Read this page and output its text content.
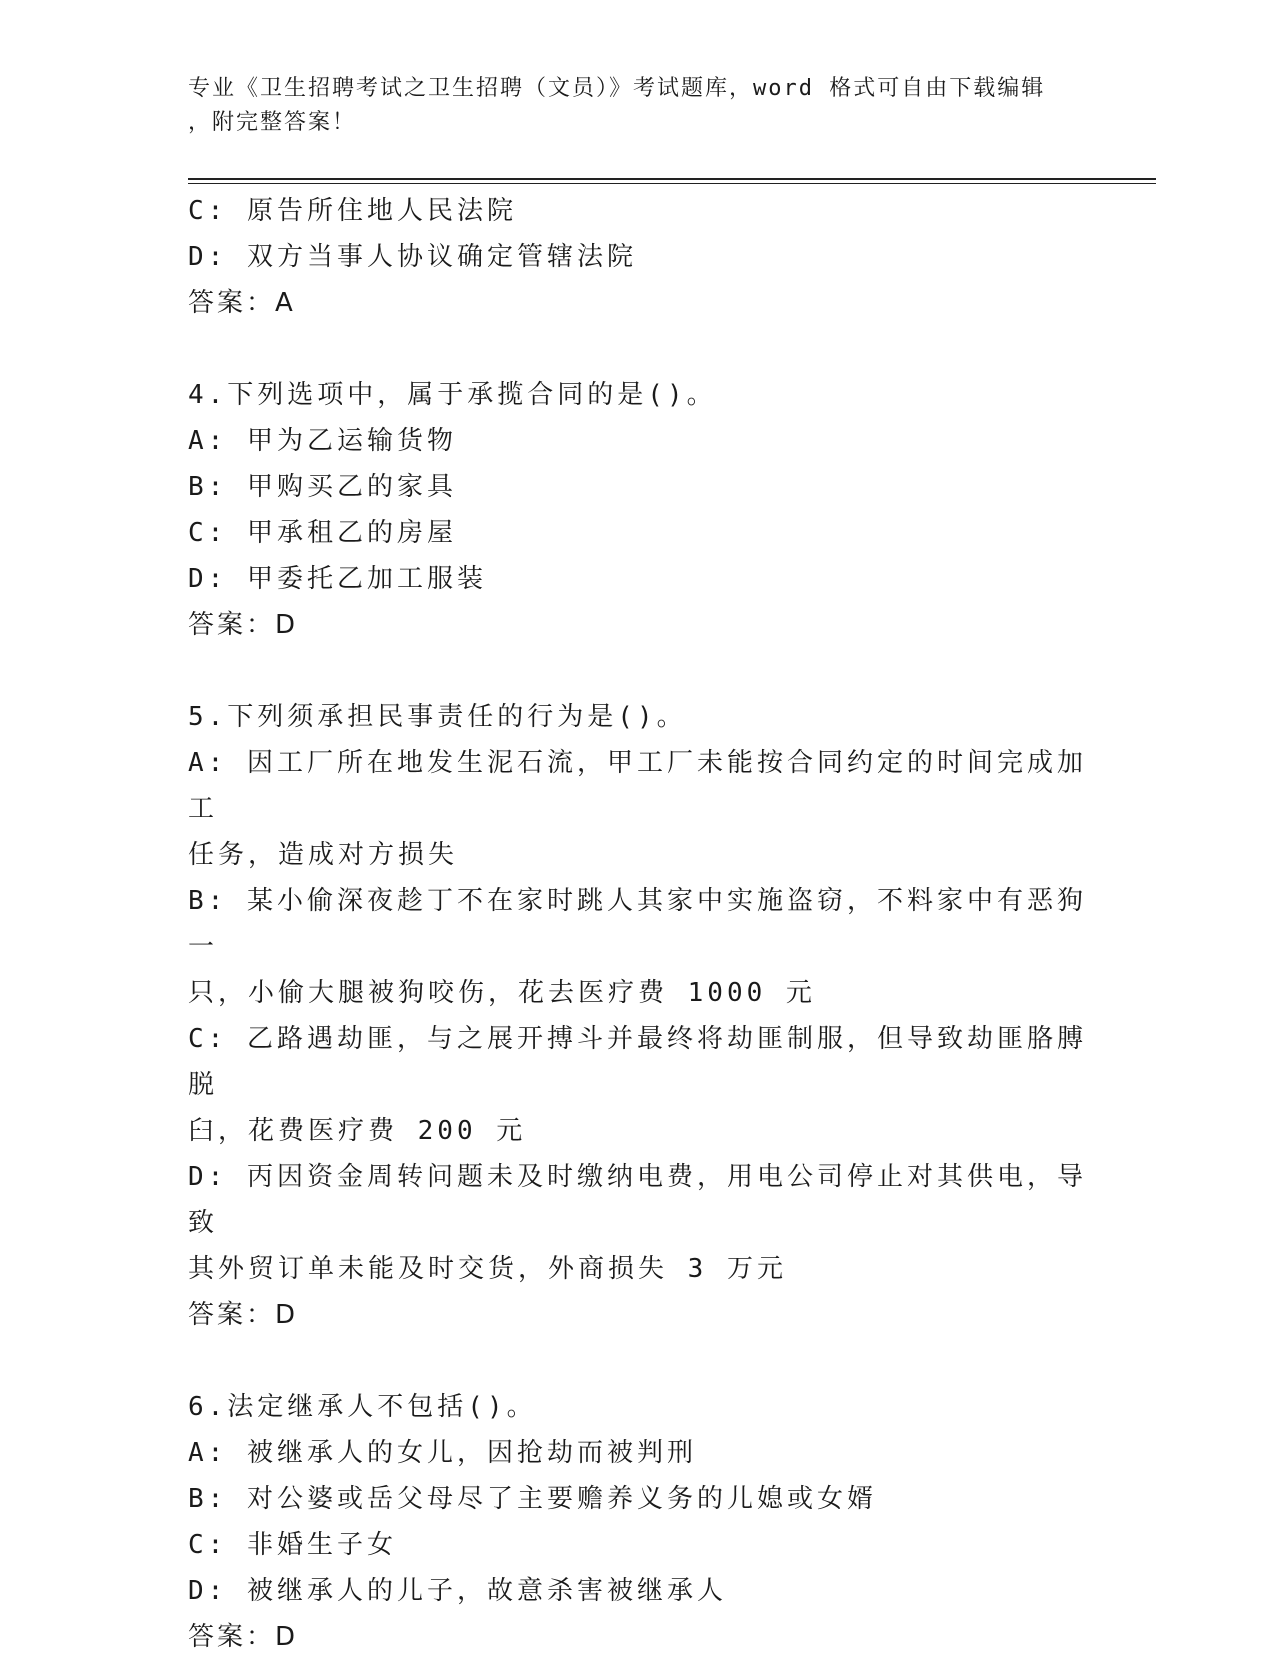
专业《卫生招聘考试之卫生招聘（文员）》考试题库，word 格式可自由下载编辑
，附完整答案！

C: 原告所住地人民法院

D: 双方当事人协议确定管辖法院

答案：A

4.下列选项中，属于承揽合同的是()。

A: 甲为乙运输货物

B: 甲购买乙的家具

C: 甲承租乙的房屋

D: 甲委托乙加工服装

答案：D

5.下列须承担民事责任的行为是()。

A: 因工厂所在地发生泥石流，甲工厂未能按合同约定的时间完成加工

任务，造成对方损失

B: 某小偷深夜趁丁不在家时跳人其家中实施盗窃，不料家中有恶狗一

只，小偷大腿被狗咬伤，花去医疗费 1000 元

C: 乙路遇劫匪，与之展开搏斗并最终将劫匪制服，但导致劫匪胳膊脱

臼，花费医疗费 200 元

D: 丙因资金周转问题未及时缴纳电费，用电公司停止对其供电，导致

其外贸订单未能及时交货，外商损失 3 万元

答案：D

6.法定继承人不包括()。

A: 被继承人的女儿，因抢劫而被判刑

B: 对公婆或岳父母尽了主要赡养义务的儿媳或女婿

C: 非婚生子女

D: 被继承人的儿子，故意杀害被继承人

答案：D
